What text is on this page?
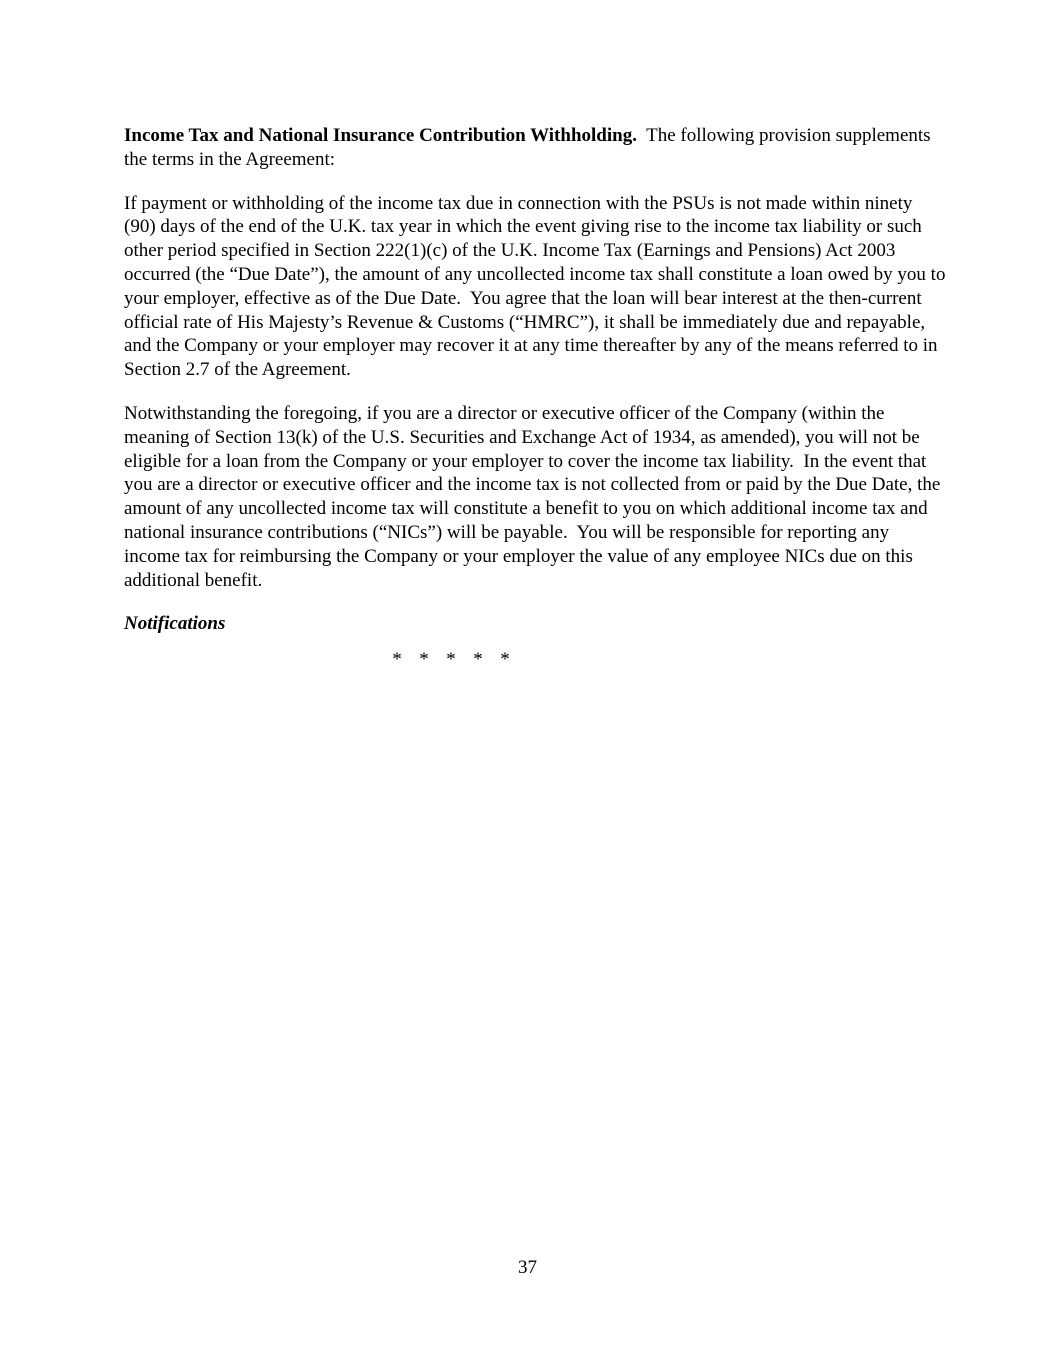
Income Tax and National Insurance Contribution Withholding.  The following provision supplements the terms in the Agreement:

If payment or withholding of the income tax due in connection with the PSUs is not made within ninety (90) days of the end of the U.K. tax year in which the event giving rise to the income tax liability or such other period specified in Section 222(1)(c) of the U.K. Income Tax (Earnings and Pensions) Act 2003 occurred (the “Due Date”), the amount of any uncollected income tax shall constitute a loan owed by you to your employer, effective as of the Due Date.  You agree that the loan will bear interest at the then-current official rate of His Majesty’s Revenue & Customs (“HMRC”), it shall be immediately due and repayable, and the Company or your employer may recover it at any time thereafter by any of the means referred to in Section 2.7 of the Agreement.

Notwithstanding the foregoing, if you are a director or executive officer of the Company (within the meaning of Section 13(k) of the U.S. Securities and Exchange Act of 1934, as amended), you will not be eligible for a loan from the Company or your employer to cover the income tax liability.  In the event that you are a director or executive officer and the income tax is not collected from or paid by the Due Date, the amount of any uncollected income tax will constitute a benefit to you on which additional income tax and national insurance contributions (“NICs”) will be payable.  You will be responsible for reporting any income tax for reimbursing the Company or your employer the value of any employee NICs due on this additional benefit.

Notifications

* * * * *

37
